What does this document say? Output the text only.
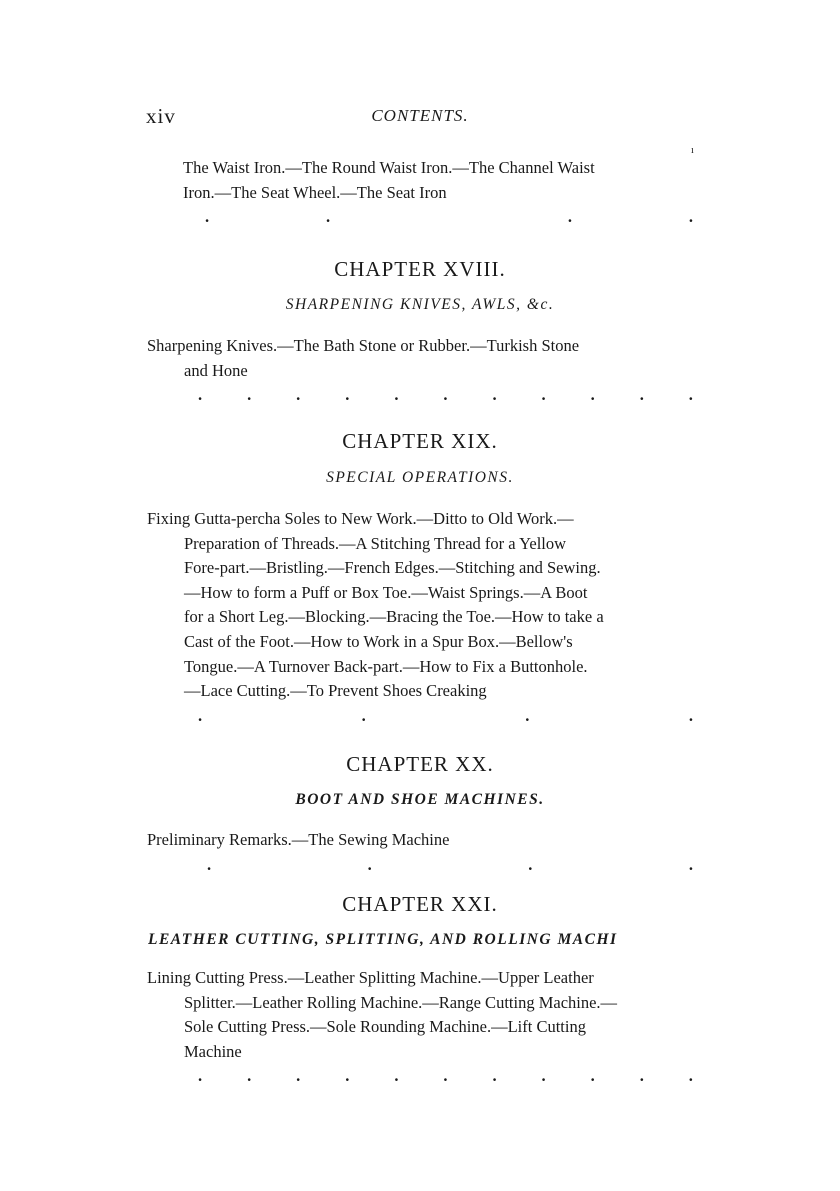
xiv	CONTENTS.
ı
The Waist Iron.—The Round Waist Iron.—The Channel Waist
Iron.—The Seat Wheel.—The Seat Iron
.	.	.	.
CHAPTER XVIII.
SHARPENING KNIVES, AWLS, &c.
Sharpening Knives.—The Bath Stone or Rubber.—Turkish Stone
and Hone
.	.	.	.	.	.	.	.	.	.	.
CHAPTER XIX.
SPECIAL OPERATIONS.
Fixing Gutta-percha Soles to New Work.—Ditto to Old Work.—
Preparation of Threads.—A Stitching Thread for a Yellow
Fore-part.—Bristling.—French Edges.—Stitching and Sewing.
—How to form a Puff or Box Toe.—Waist Springs.—A Boot
for a Short Leg.—Blocking.—Bracing the Toe.—How to take a
Cast of the Foot.—How to Work in a Spur Box.—Bellow's
Tongue.—A Turnover Back-part.—How to Fix a Buttonhole.
—Lace Cutting.—To Prevent Shoes Creaking
.	.	.	.
CHAPTER XX.
BOOT AND SHOE MACHINES.
Preliminary Remarks.—The Sewing Machine
.	.	.	.
CHAPTER XXI.
LEATHER CUTTING, SPLITTING, AND ROLLING MACHI
Lining Cutting Press.—Leather Splitting Machine.—Upper Leather
Splitter.—Leather Rolling Machine.—Range Cutting Machine.—
Sole Cutting Press.—Sole Rounding Machine.—Lift Cutting
Machine
.	.	.	.	.	.	.	.	.	.	.
